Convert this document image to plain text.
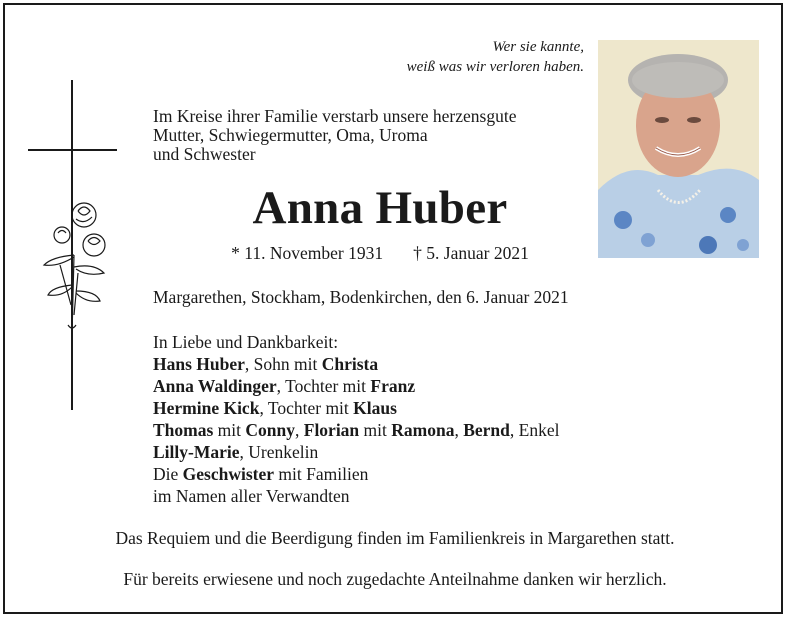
Wer sie kannte,
weiß was wir verloren haben.
Im Kreise ihrer Familie verstarb unsere herzensgute
Mutter, Schwiegermutter, Oma, Uroma
und Schwester
Anna Huber
* 11. November 1931 † 5. Januar 2021
Margarethen, Stockham, Bodenkirchen, den 6. Januar 2021

In Liebe und Dankbarkeit:

Hans Huber, Sohn mit Christa

Anna Waldinger, Tochter mit Franz

Hermine Kick, Tochter mit Klaus

Thomas mit Conny, Florian mit Ramona, Bernd, Enkel

Lilly-Marie, Urenkelin

Die Geschwister mit Familien

im Namen aller Verwandten

Das Requiem und die Beerdigung finden im Familienkreis in Margarethen statt.
Für bereits erwiesene und noch zugedachte Anteilnahme danken wir herzlich.
